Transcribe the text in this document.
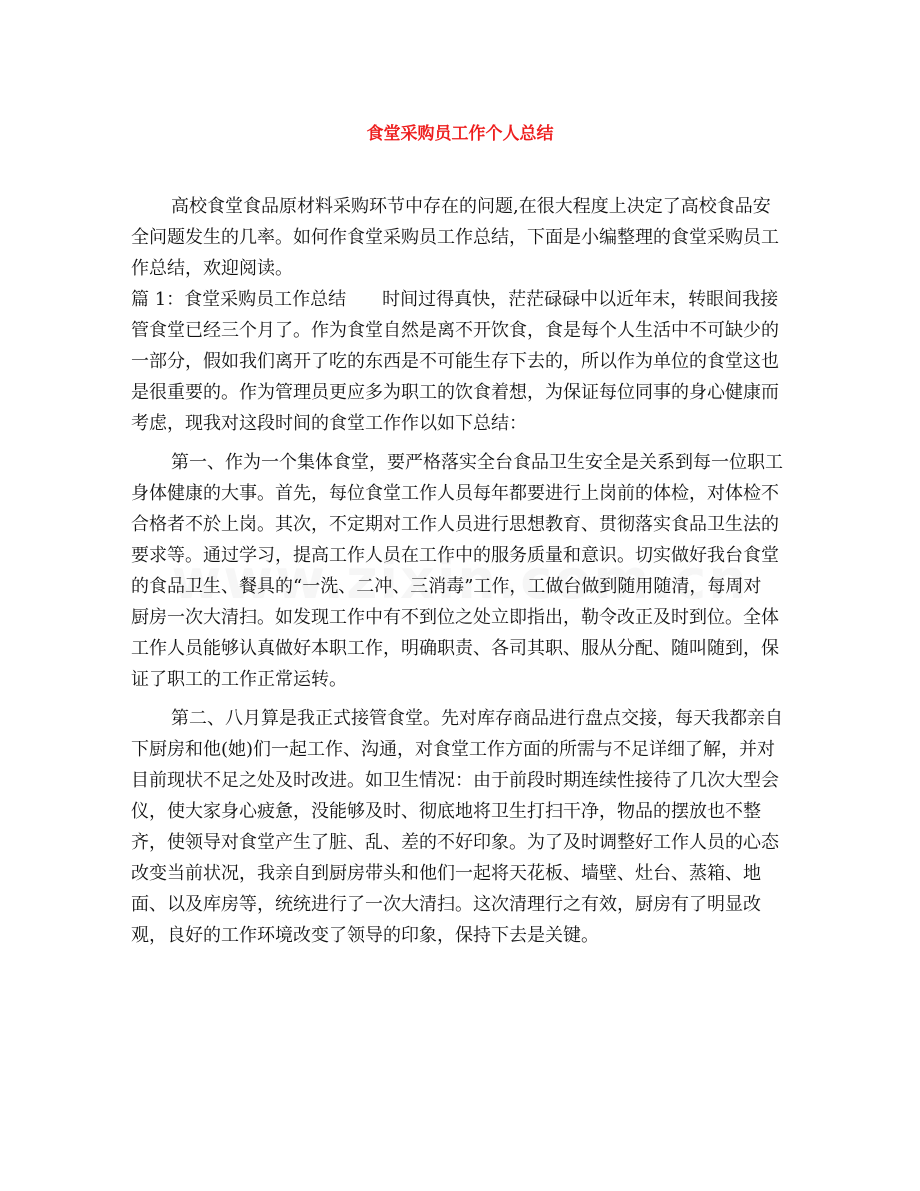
食堂采购员工作个人总结
高校食堂食品原材料采购环节中存在的问题,在很大程度上决定了高校食品安
全问题发生的几率。如何作食堂采购员工作总结，下面是小编整理的食堂采购员工
作总结，欢迎阅读。
篇 1：食堂采购员工作总结　　时间过得真快，茫茫碌碌中以近年末，转眼间我接
管食堂已经三个月了。作为食堂自然是离不开饮食，食是每个人生活中不可缺少的
一部分，假如我们离开了吃的东西是不可能生存下去的，所以作为单位的食堂这也
是很重要的。作为管理员更应多为职工的饮食着想，为保证每位同事的身心健康而
考虑，现我对这段时间的食堂工作作以如下总结：
第一、作为一个集体食堂，要严格落实全台食品卫生安全是关系到每一位职工
身体健康的大事。首先，每位食堂工作人员每年都要进行上岗前的体检，对体检不
合格者不於上岗。其次，不定期对工作人员进行思想教育、贯彻落实食品卫生法的
要求等。通过学习，提高工作人员在工作中的服务质量和意识。切实做好我台食堂
的食品卫生、餐具的“一洗、二冲、三消毒”工作，工做台做到随用随清，每周对
厨房一次大清扫。如发现工作中有不到位之处立即指出，勒令改正及时到位。全体
工作人员能够认真做好本职工作，明确职责、各司其职、服从分配、随叫随到，保
证了职工的工作正常运转。
第二、八月算是我正式接管食堂。先对库存商品进行盘点交接，每天我都亲自
下厨房和他(她)们一起工作、沟通，对食堂工作方面的所需与不足详细了解，并对
目前现状不足之处及时改进。如卫生情况：由于前段时期连续性接待了几次大型会
仪，使大家身心疲惫，没能够及时、彻底地将卫生打扫干净，物品的摆放也不整
齐，使领导对食堂产生了脏、乱、差的不好印象。为了及时调整好工作人员的心态
改变当前状况，我亲自到厨房带头和他们一起将天花板、墙壁、灶台、蒸箱、地
面、以及库房等，统统进行了一次大清扫。这次清理行之有效，厨房有了明显改
观，良好的工作环境改变了领导的印象，保持下去是关键。
